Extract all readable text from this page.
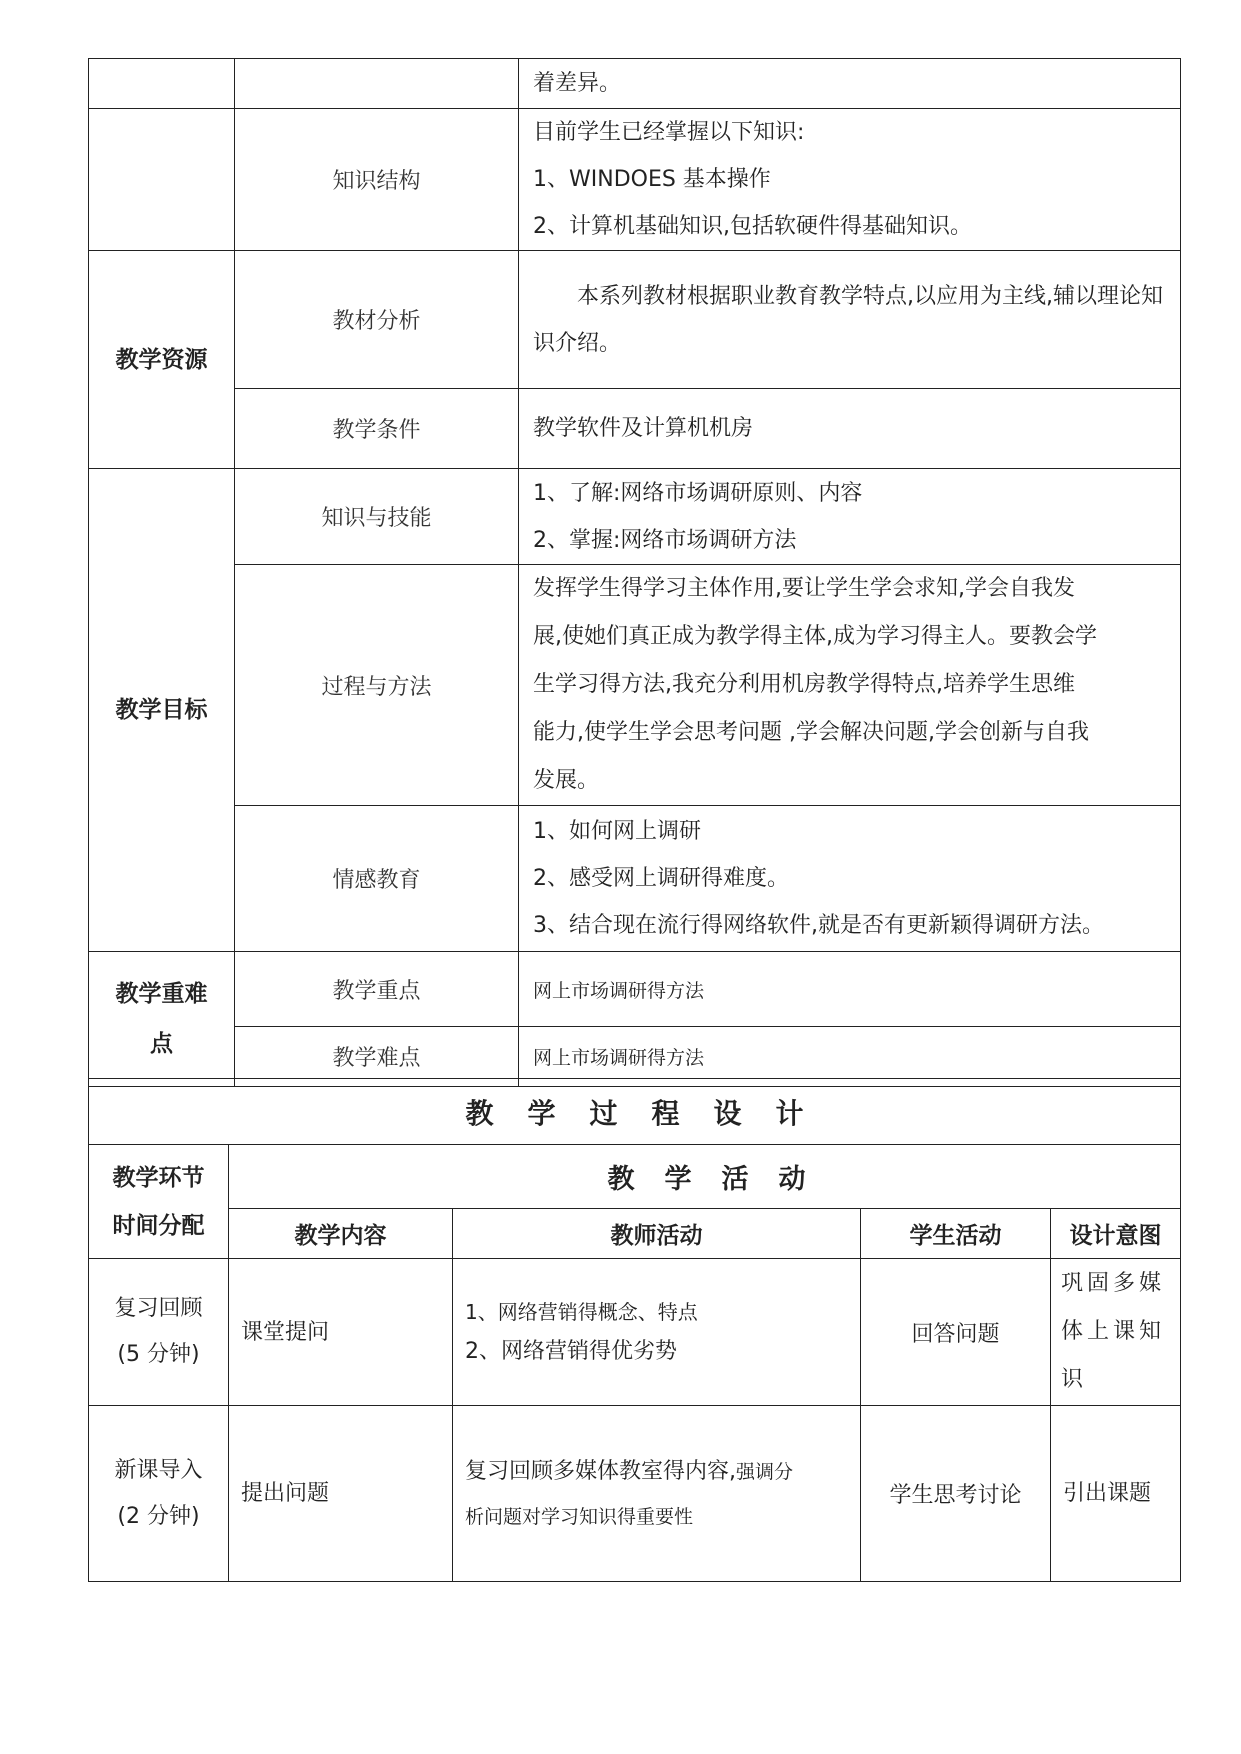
		着差异。

	知识结构	目前学生已经掌握以下知识:
1、WINDOES 基本操作
2、计算机基础知识,包括软硬件得基础知识。

教学资源	教材分析	本系列教材根据职业教育教学特点,以应用为主线,辅以理论知识介绍。

	教学条件	教学软件及计算机机房
教学目标	知识与技能	1、了解:网络市场调研原则、内容
2、掌握:网络市场调研方法

	过程与方法	发挥学生得学习主体作用,要让学生学会求知,学会自我发
展,使她们真正成为教学得主体,成为学习得主人。要教会学
生学习得方法,我充分利用机房教学得特点,培养学生思维
能力,使学生学会思考问题 ,学会解决问题,学会创新与自我
发展。

	情感教育	1、如何网上调研
2、感受网上调研得难度。
3、结合现在流行得网络软件,就是否有更新颖得调研方法。

教学重难
点	教学重点	网上市场调研得方法
	教学难点	网上市场调研得方法
教学过程设计				

教学环节
时间分配	教学活动			
	教学内容	教师活动	学生活动	设计意图

复习回顾
(5 分钟)	课堂提问	1、网络营销得概念、特点
2、网络营销得优劣势	回答问题	巩固多媒
体上课知
识

新课导入
(2 分钟)	提出问题	复习回顾多媒体教室得内容,强调分
析问题对学习知识得重要性	学生思考讨论	引出课题
